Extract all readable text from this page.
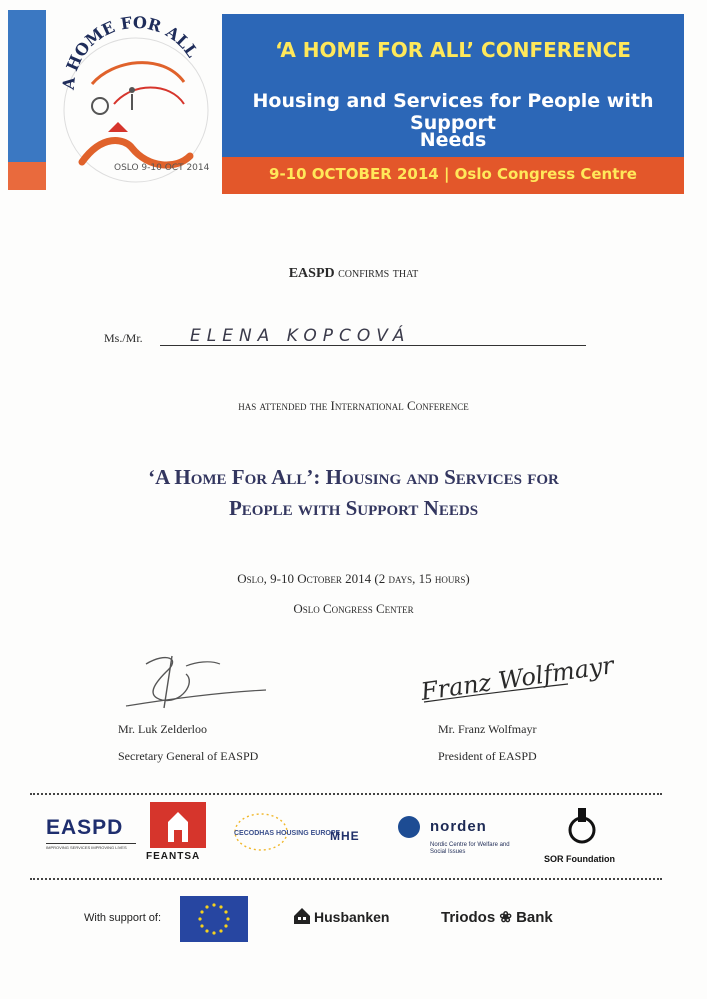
A HOME FOR ALL
OSLO 9-10 OCT 2014
‘A HOME FOR ALL’ CONFERENCE
Housing and Services for People with Support
Needs
9-10 OCTOBER 2014 | Oslo Congress Centre
EASPD confirms that
Ms./Mr.	ELENA KOPCOVÁ
has attended the International Conference
‘A Home For All’: Housing and Services for
People with Support Needs
Oslo, 9-10 October 2014 (2 days, 15 hours)
Oslo Congress Center
Franz Wolfmayr
Mr. Luk Zelderloo
Secretary General of EASPD
Mr. Franz Wolfmayr
President of EASPD
EASPD
IMPROVING SERVICES IMPROVING LIVES
FEANTSA
CECODHAS HOUSING EUROPE
MHE
norden
Nordic Centre for Welfare and Social Issues
SOR Foundation
With support of:	Husbanken	Triodos ❀ Bank
